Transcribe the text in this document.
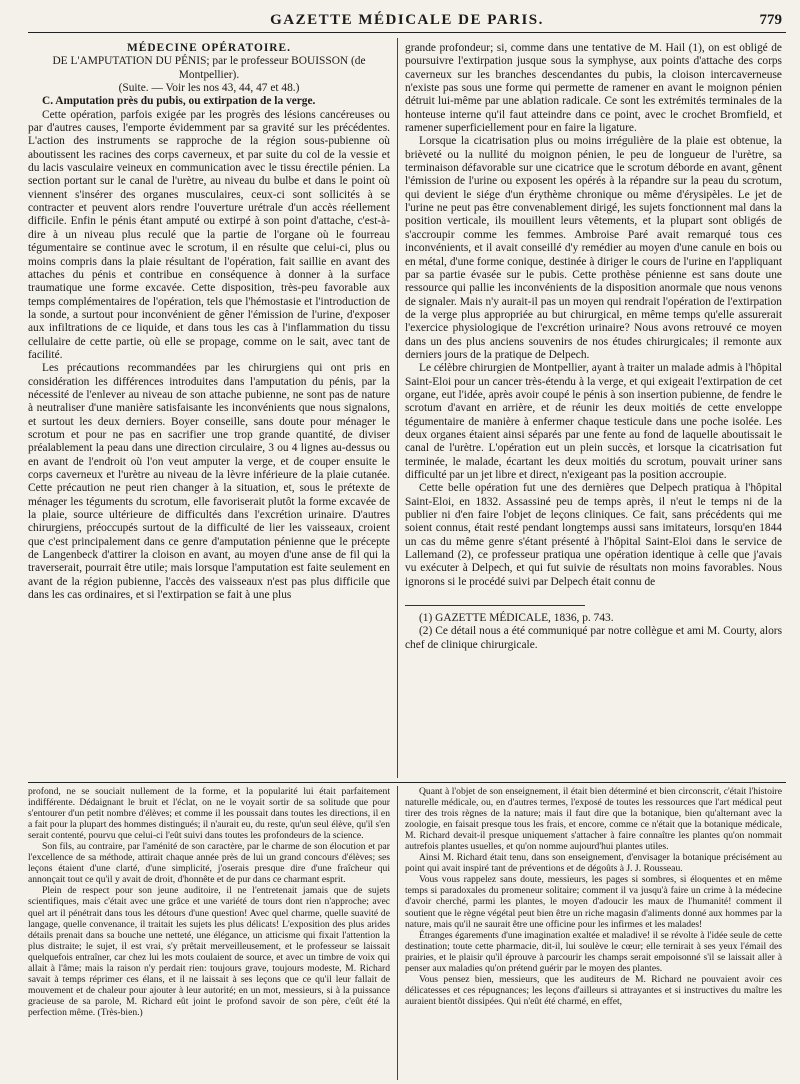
GAZETTE MÉDICALE DE PARIS.	779

MÉDECINE OPÉRATOIRE.

DE L'AMPUTATION DU PÉNIS; par le professeur BOUISSON (de Montpellier).

(Suite. — Voir les nos 43, 44, 47 et 48.)

C. Amputation près du pubis, ou extirpation de la verge.

Cette opération, parfois exigée par les progrès des lésions cancéreuses ou par d'autres causes, l'emporte évidemment par sa gravité sur les précédentes. L'action des instruments se rapproche de la région sous-pubienne où aboutissent les racines des corps caverneux, et par suite du col de la vessie et du lacis vasculaire veineux en communication avec le tissu érectile pénien. La section portant sur le canal de l'urètre, au niveau du bulbe et dans le point où viennent s'insérer des organes musculaires, ceux-ci sont sollicités à se contracter et peuvent alors rendre l'ouverture urétrale d'un accès réellement difficile. Enfin le pénis étant amputé ou extirpé à son point d'attache, c'est-à-dire à un niveau plus reculé que la partie de l'organe où le fourreau tégumentaire se continue avec le scrotum, il en résulte que celui-ci, plus ou moins compris dans la plaie résultant de l'opération, fait saillie en avant des attaches du pénis et contribue en conséquence à donner à la surface traumatique une forme excavée. Cette disposition, très-peu favorable aux temps complémentaires de l'opération, tels que l'hémostasie et l'introduction de la sonde, a surtout pour inconvénient de gêner l'émission de l'urine, d'exposer aux infiltrations de ce liquide, et dans tous les cas à l'inflammation du tissu cellulaire de cette partie, où elle se propage, comme on le sait, avec tant de facilité.

Les précautions recommandées par les chirurgiens qui ont pris en considération les différences introduites dans l'amputation du pénis, par la nécessité de l'enlever au niveau de son attache pubienne, ne sont pas de nature à neutraliser d'une manière satisfaisante les inconvénients que nous signalons, et surtout les deux derniers. Boyer conseille, sans doute pour ménager le scrotum et pour ne pas en sacrifier une trop grande quantité, de diviser préalablement la peau dans une direction circulaire, 3 ou 4 lignes au-dessus ou en avant de l'endroit où l'on veut amputer la verge, et de couper ensuite le corps caverneux et l'urètre au niveau de la lèvre inférieure de la plaie cutanée. Cette précaution ne peut rien changer à la situation, et, sous le prétexte de ménager les téguments du scrotum, elle favoriserait plutôt la forme excavée de la plaie, source ultérieure de difficultés dans l'excrétion urinaire. D'autres chirurgiens, préoccupés surtout de la difficulté de lier les vaisseaux, croient que c'est principalement dans ce genre d'amputation pénienne que le précepte de Langenbeck d'attirer la cloison en avant, au moyen d'une anse de fil qui la traverserait, pourrait être utile; mais lorsque l'amputation est faite seulement en avant de la région pubienne, l'accès des vaisseaux n'est pas plus difficile que dans les cas ordinaires, et si l'extirpation se fait à une plus

grande profondeur; si, comme dans une tentative de M. Hail (1), on est obligé de poursuivre l'extirpation jusque sous la symphyse, aux points d'attache des corps caverneux sur les branches descendantes du pubis, la cloison intercaverneuse n'existe pas sous une forme qui permette de ramener en avant le moignon pénien détruit lui-même par une ablation radicale. Ce sont les extrémités terminales de la honteuse interne qu'il faut atteindre dans ce point, avec le crochet Bromfield, et ramener superficiellement pour en faire la ligature.

Lorsque la cicatrisation plus ou moins irrégulière de la plaie est obtenue, la brièveté ou la nullité du moignon pénien, le peu de longueur de l'urètre, sa terminaison défavorable sur une cicatrice que le scrotum déborde en avant, gênent l'émission de l'urine ou exposent les opérés à la répandre sur la peau du scrotum, qui devient le siége d'un érythème chronique ou même d'érysipèles. Le jet de l'urine ne peut pas être convenablement dirigé, les sujets fonctionnent mal dans la position verticale, ils mouillent leurs vêtements, et la plupart sont obligés de s'accroupir comme les femmes. Ambroise Paré avait remarqué tous ces inconvénients, et il avait conseillé d'y remédier au moyen d'une canule en bois ou en métal, d'une forme conique, destinée à diriger le cours de l'urine en l'appliquant par sa partie évasée sur le pubis. Cette prothèse pénienne est sans doute une ressource qui pallie les inconvénients de la disposition anormale que nous venons de signaler. Mais n'y aurait-il pas un moyen qui rendrait l'opération de l'extirpation de la verge plus appropriée au but chirurgical, en même temps qu'elle assurerait l'exercice physiologique de l'excrétion urinaire? Nous avons retrouvé ce moyen dans un des plus anciens souvenirs de nos études chirurgicales; il remonte aux derniers jours de la pratique de Delpech.

Le célèbre chirurgien de Montpellier, ayant à traiter un malade admis à l'hôpital Saint-Eloi pour un cancer très-étendu à la verge, et qui exigeait l'extirpation de cet organe, eut l'idée, après avoir coupé le pénis à son insertion pubienne, de fendre le scrotum d'avant en arrière, et de réunir les deux moitiés de cette enveloppe tégumentaire de manière à enfermer chaque testicule dans une poche isolée. Les deux organes étaient ainsi séparés par une fente au fond de laquelle aboutissait le canal de l'urètre. L'opération eut un plein succès, et lorsque la cicatrisation fut terminée, le malade, écartant les deux moitiés du scrotum, pouvait uriner sans difficulté par un jet libre et direct, n'exigeant pas la position accroupie.

Cette belle opération fut une des dernières que Delpech pratiqua à l'hôpital Saint-Eloi, en 1832. Assassiné peu de temps après, il n'eut le temps ni de la publier ni d'en faire l'objet de leçons cliniques. Ce fait, sans précédents qui me soient connus, était resté pendant longtemps aussi sans imitateurs, lorsqu'en 1844 un cas du même genre s'étant présenté à l'hôpital Saint-Eloi dans le service de Lallemand (2), ce professeur pratiqua une opération identique à celle que j'avais vu exécuter à Delpech, et qui fut suivie de résultats non moins favorables. Nous ignorons si le procédé suivi par Delpech était connu de

(1) GAZETTE MÉDICALE, 1836, p. 743.

(2) Ce détail nous a été communiqué par notre collègue et ami M. Courty, alors chef de clinique chirurgicale.

profond, ne se souciait nullement de la forme, et la popularité lui était parfaitement indifférente. Dédaignant le bruit et l'éclat, on ne le voyait sortir de sa solitude que pour s'entourer d'un petit nombre d'élèves; et comme il les poussait dans toutes les directions, il en a fait pour la plupart des hommes distingués; il n'aurait eu, du reste, qu'un seul élève, qu'il s'en serait contenté, pourvu que celui-ci l'eût suivi dans toutes les profondeurs de la science.

Son fils, au contraire, par l'aménité de son caractère, par le charme de son élocution et par l'excellence de sa méthode, attirait chaque année près de lui un grand concours d'élèves; ses leçons étaient d'une clarté, d'une simplicité, j'oserais presque dire d'une fraîcheur qui annonçait tout ce qu'il y avait de droit, d'honnête et de pur dans ce charmant esprit.

Plein de respect pour son jeune auditoire, il ne l'entretenait jamais que de sujets scientifiques, mais c'était avec une grâce et une variété de tours dont rien n'approche; avec quel art il pénétrait dans tous les détours d'une question! Avec quel charme, quelle suavité de langage, quelle convenance, il traitait les sujets les plus délicats! L'exposition des plus arides détails prenait dans sa bouche une netteté, une élégance, un atticisme qui fixait l'attention la plus distraite; le sujet, il est vrai, s'y prêtait merveilleusement, et le professeur se laissait quelquefois entraîner, car chez lui les mots coulaient de source, et avec un timbre de voix qui allait à l'âme; mais la raison n'y perdait rien: toujours grave, toujours modeste, M. Richard savait à temps réprimer ces élans, et il ne laissait à ses leçons que ce qu'il leur fallait de mouvement et de chaleur pour ajouter à leur autorité; en un mot, messieurs, si à la puissance gracieuse de sa parole, M. Richard eût joint le profond savoir de son père, c'eût été la perfection même. (Très-bien.)

Quant à l'objet de son enseignement, il était bien déterminé et bien circonscrit, c'était l'histoire naturelle médicale, ou, en d'autres termes, l'exposé de toutes les ressources que l'art médical peut tirer des trois règnes de la nature; mais il faut dire que la botanique, bien qu'alternant avec la zoologie, en faisait presque tous les frais, et encore, comme ce n'était que la botanique médicale, M. Richard devait-il presque uniquement s'attacher à faire connaître les plantes qu'on nommait autrefois plantes usuelles, et qu'on nomme aujourd'hui plantes utiles.

Ainsi M. Richard était tenu, dans son enseignement, d'envisager la botanique précisément au point qui avait inspiré tant de préventions et de dégoûts à J. J. Rousseau.

Vous vous rappelez sans doute, messieurs, les pages si sombres, si éloquentes et en même temps si paradoxales du promeneur solitaire; comment il va jusqu'à faire un crime à la médecine d'avoir cherché, parmi les plantes, le moyen d'adoucir les maux de l'humanité! comment il soutient que le règne végétal peut bien être un riche magasin d'aliments donné aux hommes par la nature, mais qu'il ne saurait être une officine pour les infirmes et les malades!

Étranges égarements d'une imagination exaltée et maladive! il se révolte à l'idée seule de cette destination; toute cette pharmacie, dit-il, lui soulève le cœur; elle ternirait à ses yeux l'émail des prairies, et le plaisir qu'il éprouve à parcourir les champs serait empoisonné s'il se laissait aller à penser aux maladies qu'on prétend guérir par le moyen des plantes.

Vous pensez bien, messieurs, que les auditeurs de M. Richard ne pouvaient avoir ces délicatesses et ces répugnances; les leçons d'ailleurs si attrayantes et si instructives du maître les auraient bientôt dissipées. Qui n'eût été charmé, en effet,
